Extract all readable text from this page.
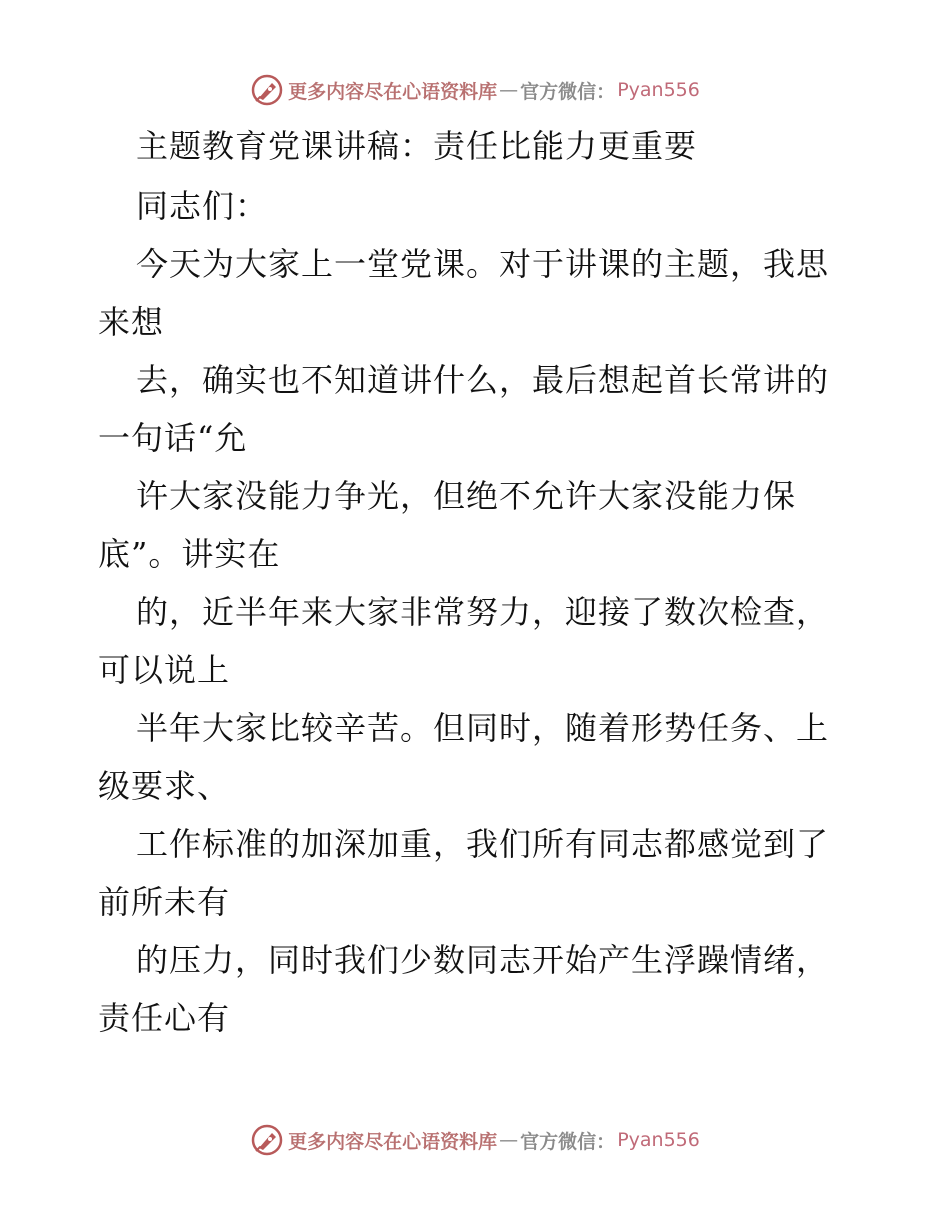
更多内容尽在心语资料库 — 官方微信： Pyan556
主题教育党课讲稿：责任比能力更重要
同志们：
今天为大家上一堂党课。对于讲课的主题，我思
来想
去，确实也不知道讲什么，最后想起首长常讲的
一句话“允
许大家没能力争光，但绝不允许大家没能力保
底”。讲实在
的，近半年来大家非常努力，迎接了数次检查，
可以说上
半年大家比较辛苦。但同时，随着形势任务、上
级要求、
工作标准的加深加重，我们所有同志都感觉到了
前所未有
的压力，同时我们少数同志开始产生浮躁情绪，
责任心有
更多内容尽在心语资料库 — 官方微信： Pyan556
